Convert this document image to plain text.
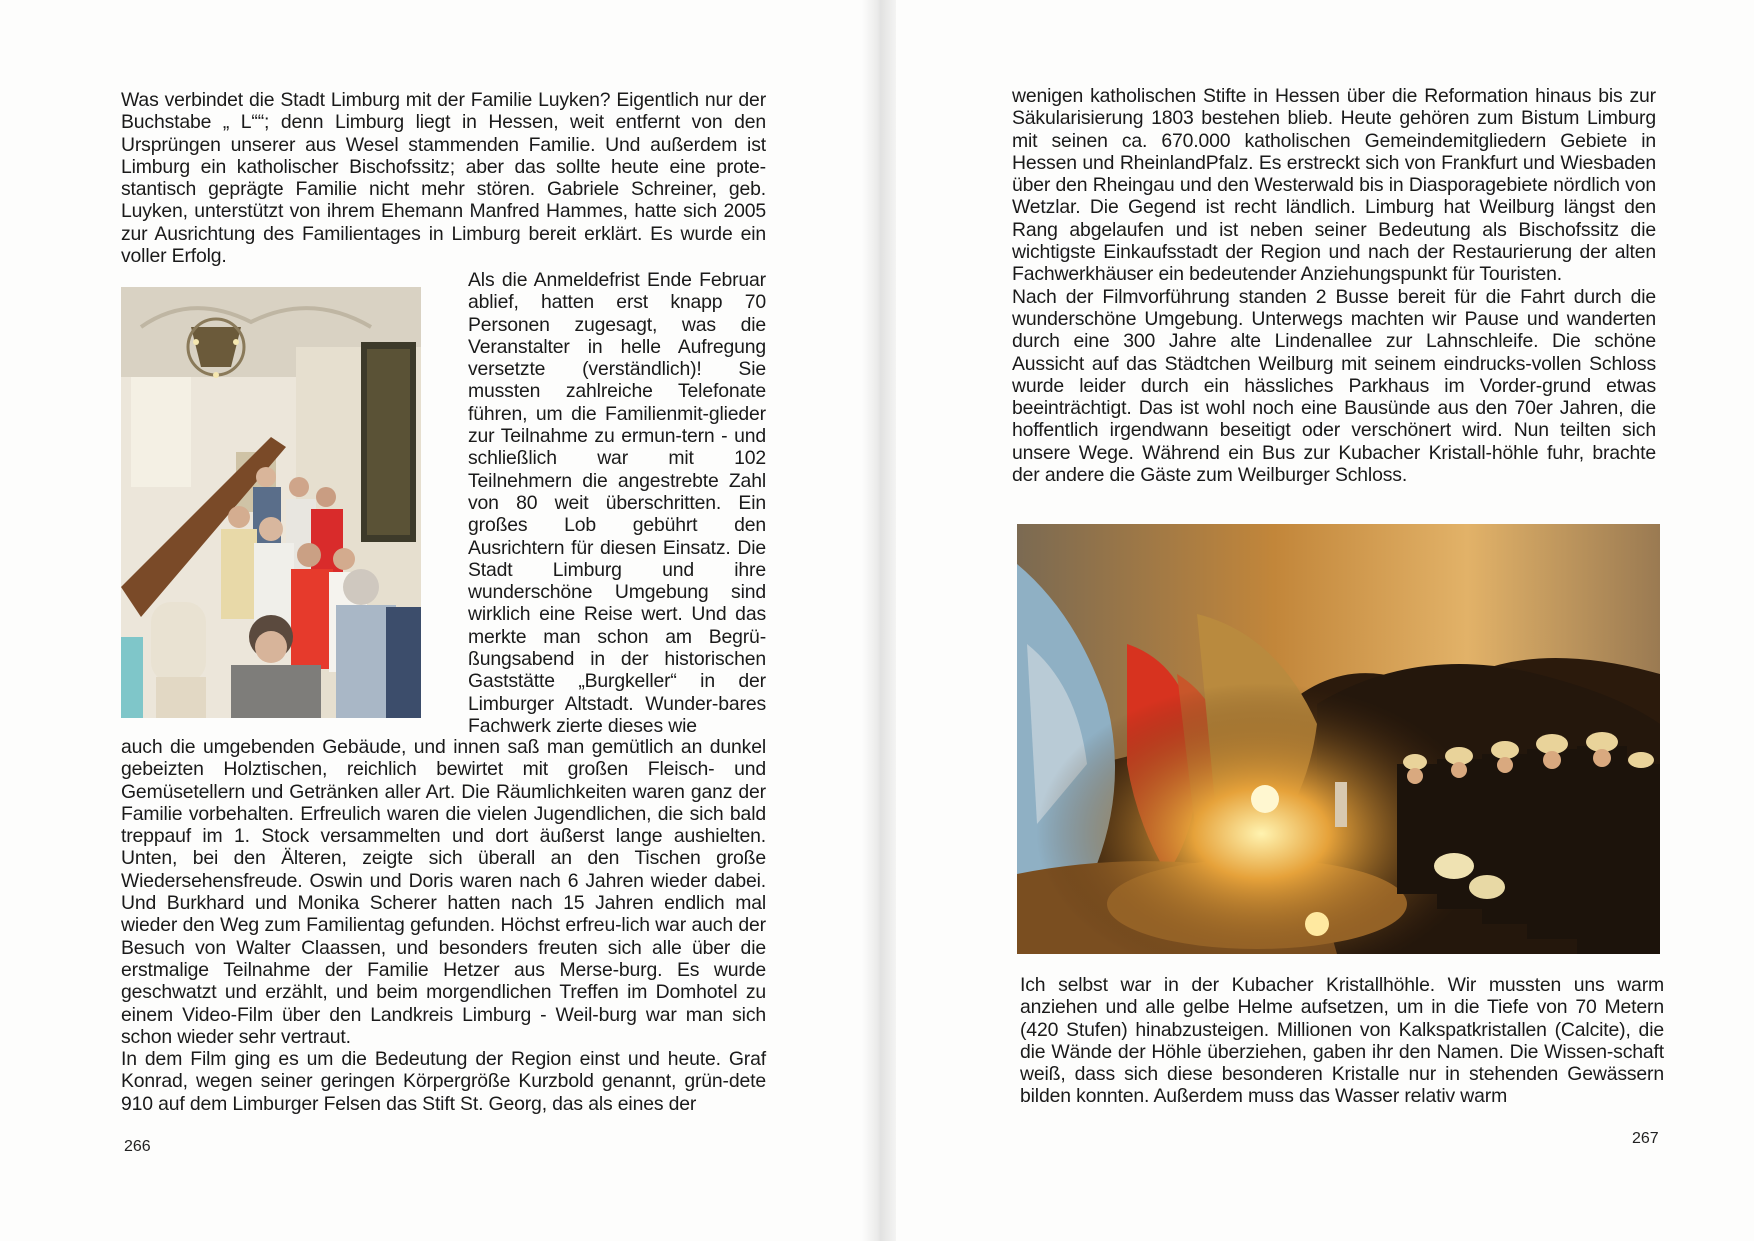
Was verbindet die Stadt Limburg mit der Familie Luyken? Eigentlich nur der Buchstabe „ L““; denn Limburg liegt in Hessen, weit entfernt von den Ursprüngen unserer aus Wesel stammenden Familie. Und außerdem ist Limburg ein katholischer Bischofssitz; aber das sollte heute eine prote-stantisch geprägte Familie nicht mehr stören. Gabriele Schreiner, geb. Luyken, unterstützt von ihrem Ehemann Manfred Hammes, hatte sich 2005 zur Ausrichtung des Familientages in Limburg bereit erklärt. Es wurde ein voller Erfolg.

Als die Anmeldefrist Ende Februar ablief, hatten erst knapp 70 Personen zugesagt, was die Veranstalter in helle Aufregung versetzte (verständlich)! Sie mussten zahlreiche Telefonate führen, um die Familienmit-glieder zur Teilnahme zu ermun-tern - und schließlich war mit 102 Teilnehmern die angestrebte Zahl von 80 weit überschritten. Ein großes Lob gebührt den Ausrichtern für diesen Einsatz. Die Stadt Limburg und ihre wunderschöne Umgebung sind wirklich eine Reise wert. Und das merkte man schon am Begrü-ßungsabend in der historischen Gaststätte „Burgkeller“ in der Limburger Altstadt. Wunder-bares Fachwerk zierte dieses wie

auch die umgebenden Gebäude, und innen saß man gemütlich an dunkel gebeizten Holztischen, reichlich bewirtet mit großen Fleisch- und Gemüsetellern und Getränken aller Art. Die Räumlichkeiten waren ganz der Familie vorbehalten. Erfreulich waren die vielen Jugendlichen, die sich bald treppauf im 1. Stock versammelten und dort äußerst lange aushielten. Unten, bei den Älteren, zeigte sich überall an den Tischen große Wiedersehensfreude. Oswin und Doris waren nach 6 Jahren wieder dabei. Und Burkhard und Monika Scherer hatten nach 15 Jahren endlich mal wieder den Weg zum Familientag gefunden. Höchst erfreu-lich war auch der Besuch von Walter Claassen, und besonders freuten sich alle über die erstmalige Teilnahme der Familie Hetzer aus Merse-burg. Es wurde geschwatzt und erzählt, und beim morgendlichen Treffen im Domhotel zu einem Video-Film über den Landkreis Limburg - Weil-burg war man sich schon wieder sehr vertraut.

In dem Film ging es um die Bedeutung der Region einst und heute. Graf Konrad, wegen seiner geringen Körpergröße Kurzbold genannt, grün-dete 910 auf dem Limburger Felsen das Stift St. Georg, das als eines der

266

wenigen katholischen Stifte in Hessen über die Reformation hinaus bis zur Säkularisierung 1803 bestehen blieb. Heute gehören zum Bistum Limburg mit seinen ca. 670.000 katholischen Gemeindemitgliedern Gebiete in Hessen und RheinlandPfalz. Es erstreckt sich von Frankfurt und Wiesbaden über den Rheingau und den Westerwald bis in Diasporagebiete nördlich von Wetzlar. Die Gegend ist recht ländlich. Limburg hat Weilburg längst den Rang abgelaufen und ist neben seiner Bedeutung als Bischofssitz die wichtigste Einkaufsstadt der Region und nach der Restaurierung der alten Fachwerkhäuser ein bedeutender Anziehungspunkt für Touristen.

Nach der Filmvorführung standen 2 Busse bereit für die Fahrt durch die wunderschöne Umgebung. Unterwegs machten wir Pause und wanderten durch eine 300 Jahre alte Lindenallee zur Lahnschleife. Die schöne Aussicht auf das Städtchen Weilburg mit seinem eindrucks-vollen Schloss wurde leider durch ein hässliches Parkhaus im Vorder-grund etwas beeinträchtigt. Das ist wohl noch eine Bausünde aus den 70er Jahren, die hoffentlich irgendwann beseitigt oder verschönert wird. Nun teilten sich unsere Wege. Während ein Bus zur Kubacher Kristall-höhle fuhr, brachte der andere die Gäste zum Weilburger Schloss.

Ich selbst war in der Kubacher Kristallhöhle. Wir mussten uns warm anziehen und alle gelbe Helme aufsetzen, um in die Tiefe von 70 Metern (420 Stufen) hinabzusteigen. Millionen von Kalkspatkristallen (Calcite), die die Wände der Höhle überziehen, gaben ihr den Namen. Die Wissen-schaft weiß, dass sich diese besonderen Kristalle nur in stehenden Gewässern bilden konnten. Außerdem muss das Wasser relativ warm

267
